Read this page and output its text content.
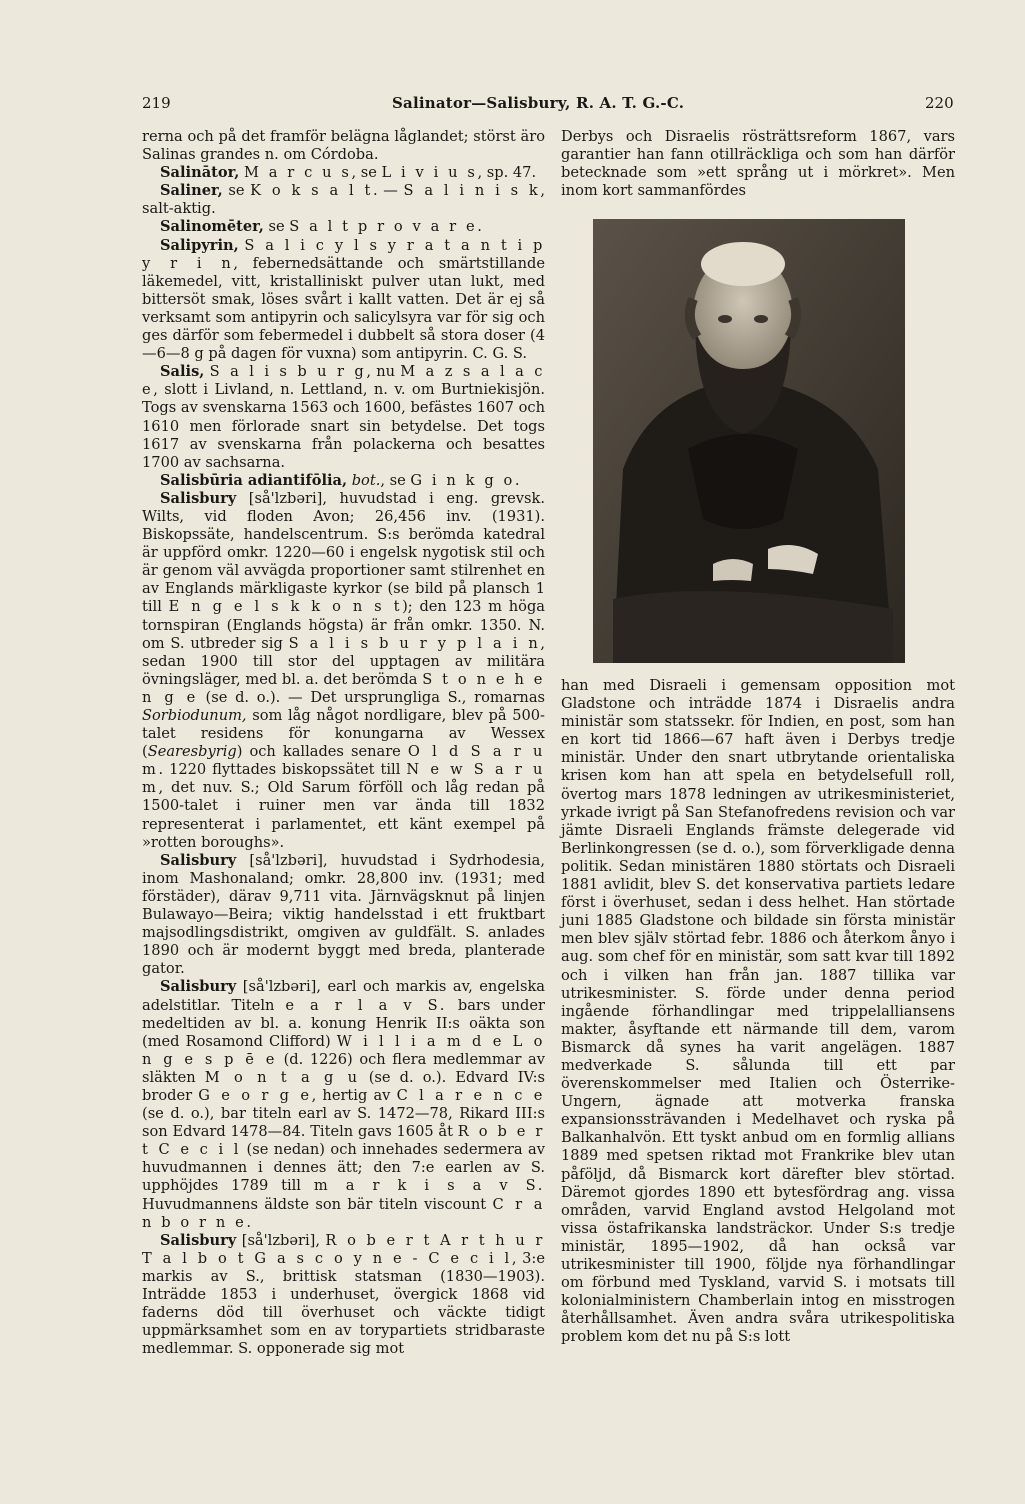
219	Salinator—Salisbury, R. A. T. G.-C.	220

rerna och på det framför belägna låglandet; störst äro Salinas grandes n. om Córdoba.

Salinātor, M a r c u s, se L i v i u s, sp. 47.

Saliner, se K o k s a l t. — S a l i n i s k, salt-aktig.

Salinomēter, se S a l t p r o v a r e.

Salipyrin, S a l i c y l s y r a t a n t i p y r i n, febernedsättande och smärtstillande läkemedel, vitt, kristalliniskt pulver utan lukt, med bittersöt smak, löses svårt i kallt vatten. Det är ej så verksamt som antipyrin och salicylsyra var för sig och ges därför som febermedel i dubbelt så stora doser (4—6—8 g på dagen för vuxna) som antipyrin. C. G. S.

Salis, S a l i s b u r g, nu M a z s a l a c e, slott i Livland, n. Lettland, n. v. om Burtniekisjön. Togs av svenskarna 1563 och 1600, befästes 1607 och 1610 men förlorade snart sin betydelse. Det togs 1617 av svenskarna från polackerna och besattes 1700 av sachsarna.

Salisbūria adiantifōlia, bot., se G i n k g o.

Salisbury [så'lzbəri], huvudstad i eng. grevsk. Wilts, vid floden Avon; 26,456 inv. (1931). Biskopssäte, handelscentrum. S:s berömda katedral är uppförd omkr. 1220—60 i engelsk nygotisk stil och är genom väl avvägda proportioner samt stilrenhet en av Englands märkligaste kyrkor (se bild på plansch 1 till E n g e l s k k o n s t); den 123 m höga tornspiran (Englands högsta) är från omkr. 1350. N. om S. utbreder sig S a l i s b u r y p l a i n, sedan 1900 till stor del upptagen av militära övningsläger, med bl. a. det berömda S t o n e h e n g e (se d. o.). — Det ursprungliga S., romarnas Sorbiodunum, som låg något nordligare, blev på 500-talet residens för konungarna av Wessex (Searesbyrig) och kallades senare O l d S a r u m. 1220 flyttades biskopssätet till N e w S a r u m, det nuv. S.; Old Sarum förföll och låg redan på 1500-talet i ruiner men var ända till 1832 representerat i parlamentet, ett känt exempel på »rotten boroughs».

Salisbury [så'lzbəri], huvudstad i Sydrhodesia, inom Mashonaland; omkr. 28,800 inv. (1931; med förstäder), därav 9,711 vita. Järnvägsknut på linjen Bulawayo—Beira; viktig handelsstad i ett fruktbart majsodlingsdistrikt, omgiven av guldfält. S. anlades 1890 och är modernt byggt med breda, planterade gator.

Salisbury [så'lzbəri], earl och markis av, engelska adelstitlar. Titeln e a r l a v S. bars under medeltiden av bl. a. konung Henrik II:s oäkta son (med Rosamond Clifford) W i l l i a m d e L o n g e s p ē e (d. 1226) och flera medlemmar av släkten M o n t a g u (se d. o.). Edvard IV:s broder G e o r g e, hertig av C l a r e n c e (se d. o.), bar titeln earl av S. 1472—78, Rikard III:s son Edvard 1478—84. Titeln gavs 1605 åt R o b e r t C e c i l (se nedan) och innehades sedermera av huvudmannen i dennes ätt; den 7:e earlen av S. upphöjdes 1789 till m a r k i s a v S. Huvudmannens äldste son bär titeln viscount C r a n b o r n e.

Salisbury [så'lzbəri], R o b e r t A r t h u r T a l b o t G a s c o y n e - C e c i l, 3:e markis av S., brittisk statsman (1830—1903). Inträdde 1853 i underhuset, övergick 1868 vid faderns död till överhuset och väckte tidigt uppmärksamhet som en av torypartiets stridbaraste medlemmar. S. opponerade sig mot

Derbys och Disraelis rösträttsreform 1867, vars garantier han fann otillräckliga och som han därför betecknade som »ett språng ut i mörkret». Men inom kort sammanfördes

han med Disraeli i gemensam opposition mot Gladstone och inträdde 1874 i Disraelis andra ministär som statssekr. för Indien, en post, som han en kort tid 1866—67 haft även i Derbys tredje ministär. Under den snart utbrytande orientaliska krisen kom han att spela en betydelsefull roll, övertog mars 1878 ledningen av utrikesministeriet, yrkade ivrigt på San Stefanofredens revision och var jämte Disraeli Englands främste delegerade vid Berlinkongressen (se d. o.), som förverkligade denna politik. Sedan ministären 1880 störtats och Disraeli 1881 avlidit, blev S. det konservativa partiets ledare först i överhuset, sedan i dess helhet. Han störtade juni 1885 Gladstone och bildade sin första ministär men blev själv störtad febr. 1886 och återkom ånyo i aug. som chef för en ministär, som satt kvar till 1892 och i vilken han från jan. 1887 tillika var utrikesminister. S. förde under denna period ingående förhandlingar med trippelalliansens makter, åsyftande ett närmande till dem, varom Bismarck då synes ha varit angelägen. 1887 medverkade S. sålunda till ett par överenskommelser med Italien och Österrike-Ungern, ägnade att motverka franska expansionssträvanden i Medelhavet och ryska på Balkanhalvön. Ett tyskt anbud om en formlig allians 1889 med spetsen riktad mot Frankrike blev utan påföljd, då Bismarck kort därefter blev störtad. Däremot gjordes 1890 ett bytesfördrag ang. vissa områden, varvid England avstod Helgoland mot vissa östafrikanska landsträckor. Under S:s tredje ministär, 1895—1902, då han också var utrikesminister till 1900, följde nya förhandlingar om förbund med Tyskland, varvid S. i motsats till kolonialministern Chamberlain intog en misstrogen återhållsamhet. Även andra svåra utrikespolitiska problem kom det nu på S:s lott
